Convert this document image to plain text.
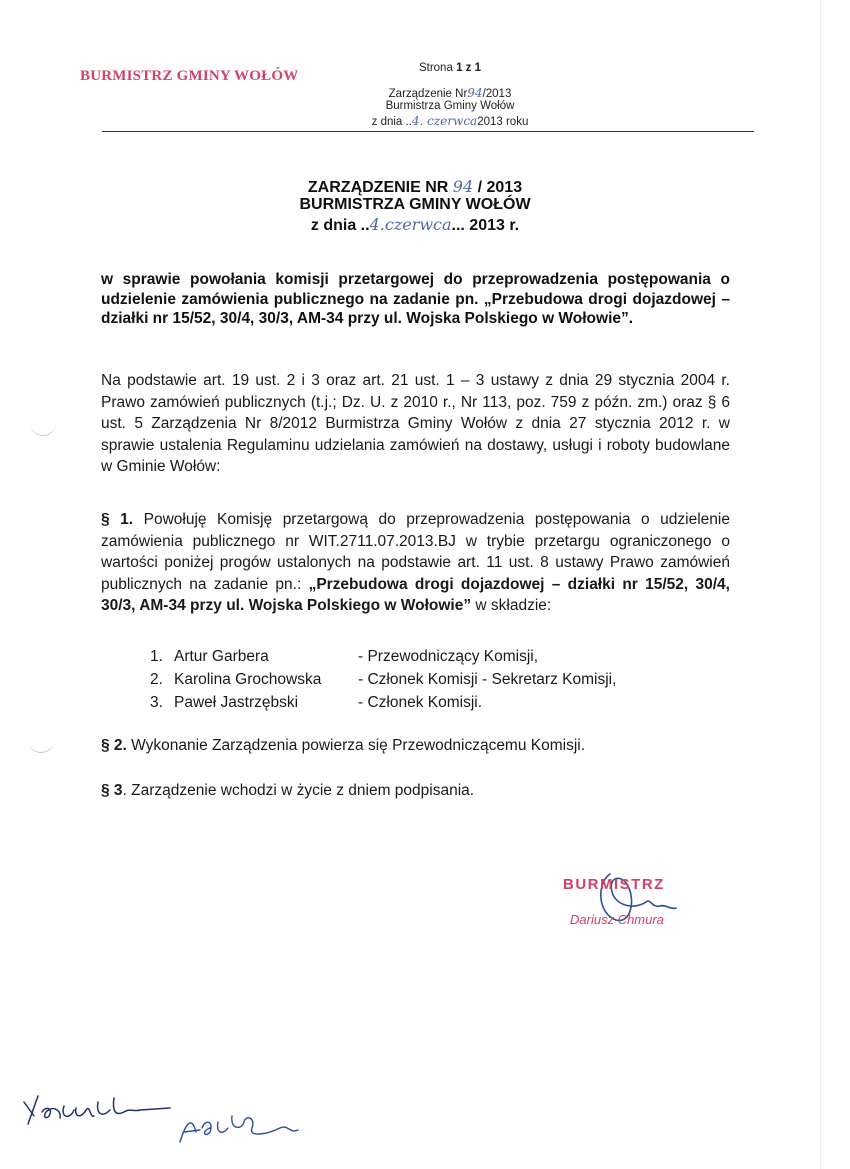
BURMISTRZ GMINY WOŁÓW	Strona 1 z 1
Zarządzenie Nr94/2013
Burmistrza Gminy Wołów
z dnia ..4. czerwca2013 roku
ZARZĄDZENIE NR 94 / 2013
BURMISTRZA GMINY WOŁÓW
z dnia ..4.czerwca... 2013 r.
w sprawie powołania komisji przetargowej do przeprowadzenia postępowania o udzielenie zamówienia publicznego na zadanie pn. „Przebudowa drogi dojazdowej – działki nr 15/52, 30/4, 30/3, AM-34 przy ul. Wojska Polskiego w Wołowie”.
Na podstawie art. 19 ust. 2 i 3 oraz art. 21 ust. 1 – 3 ustawy z dnia 29 stycznia 2004 r. Prawo zamówień publicznych (t.j.; Dz. U. z 2010 r., Nr 113, poz. 759 z późn. zm.) oraz § 6 ust. 5 Zarządzenia Nr 8/2012 Burmistrza Gminy Wołów z dnia 27 stycznia 2012 r. w sprawie ustalenia Regulaminu udzielania zamówień na dostawy, usługi i roboty budowlane w Gminie Wołów:
§ 1. Powołuję Komisję przetargową do przeprowadzenia postępowania o udzielenie zamówienia publicznego nr WIT.2711.07.2013.BJ w trybie przetargu ograniczonego o wartości poniżej progów ustalonych na podstawie art. 11 ust. 8 ustawy Prawo zamówień publicznych na zadanie pn.: „Przebudowa drogi dojazdowej – działki nr 15/52, 30/4, 30/3, AM-34 przy ul. Wojska Polskiego w Wołowie” w składzie:
1. Artur Garbera	- Przewodniczący Komisji,
2. Karolina Grochowska	- Członek Komisji - Sekretarz Komisji,
3. Paweł Jastrzębski	- Członek Komisji.
§ 2. Wykonanie Zarządzenia powierza się Przewodniczącemu Komisji.
§ 3. Zarządzenie wchodzi w życie z dniem podpisania.
BURMISTRZ
Dariusz Chmura
